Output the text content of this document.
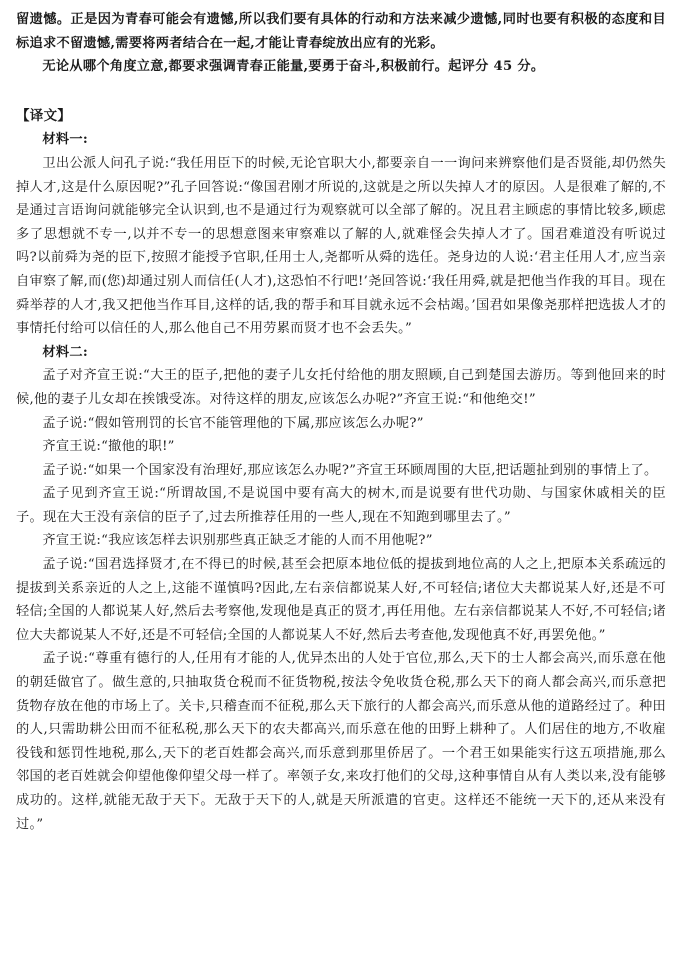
留遗憾。正是因为青春可能会有遗憾,所以我们要有具体的行动和方法来减少遗憾,同时也要有积极的态度和目标追求不留遗憾,需要将两者结合在一起,才能让青春绽放出应有的光彩。

无论从哪个角度立意,都要求强调青春正能量,要勇于奋斗,积极前行。起评分 45 分。

【译文】

材料一:

卫出公派人问孔子说:“我任用臣下的时候,无论官职大小,都要亲自一一询问来辨察他们是否贤能,却仍然失掉人才,这是什么原因呢?”孔子回答说:“像国君刚才所说的,这就是之所以失掉人才的原因。人是很难了解的,不是通过言语询问就能够完全认识到,也不是通过行为观察就可以全部了解的。况且君主顾虑的事情比较多,顾虑多了思想就不专一,以并不专一的思想意图来审察难以了解的人,就难怪会失掉人才了。国君难道没有听说过吗?以前舜为尧的臣下,按照才能授予官职,任用士人,尧都听从舜的选任。尧身边的人说:‘君主任用人才,应当亲自审察了解,而(您)却通过别人而信任(人才),这恐怕不行吧!’尧回答说:‘我任用舜,就是把他当作我的耳目。现在舜举荐的人才,我又把他当作耳目,这样的话,我的帮手和耳目就永远不会枯竭。’国君如果像尧那样把选拔人才的事情托付给可以信任的人,那么他自己不用劳累而贤才也不会丢失。”

材料二:

孟子对齐宣王说:“大王的臣子,把他的妻子儿女托付给他的朋友照顾,自己到楚国去游历。等到他回来的时候,他的妻子儿女却在挨饿受冻。对待这样的朋友,应该怎么办呢?”齐宣王说:“和他绝交!”

孟子说:“假如管刑罚的长官不能管理他的下属,那应该怎么办呢?”

齐宣王说:“撤他的职!”

孟子说:“如果一个国家没有治理好,那应该怎么办呢?”齐宣王环顾周围的大臣,把话题扯到别的事情上了。

孟子见到齐宣王说:“所谓故国,不是说国中要有高大的树木,而是说要有世代功勋、与国家休戚相关的臣子。现在大王没有亲信的臣子了,过去所推荐任用的一些人,现在不知跑到哪里去了。”

齐宣王说:“我应该怎样去识别那些真正缺乏才能的人而不用他呢?”

孟子说:“国君选择贤才,在不得已的时候,甚至会把原本地位低的提拔到地位高的人之上,把原本关系疏远的提拔到关系亲近的人之上,这能不谨慎吗?因此,左右亲信都说某人好,不可轻信;诸位大夫都说某人好,还是不可轻信;全国的人都说某人好,然后去考察他,发现他是真正的贤才,再任用他。左右亲信都说某人不好,不可轻信;诸位大夫都说某人不好,还是不可轻信;全国的人都说某人不好,然后去考查他,发现他真不好,再罢免他。”

孟子说:“尊重有德行的人,任用有才能的人,优异杰出的人处于官位,那么,天下的士人都会高兴,而乐意在他的朝廷做官了。做生意的,只抽取货仓税而不征货物税,按法令免收货仓税,那么天下的商人都会高兴,而乐意把货物存放在他的市场上了。关卡,只稽查而不征税,那么天下旅行的人都会高兴,而乐意从他的道路经过了。种田的人,只需助耕公田而不征私税,那么天下的农夫都高兴,而乐意在他的田野上耕种了。人们居住的地方,不收雇役钱和惩罚性地税,那么,天下的老百姓都会高兴,而乐意到那里侨居了。一个君王如果能实行这五项措施,那么邻国的老百姓就会仰望他像仰望父母一样了。率领子女,来攻打他们的父母,这种事情自从有人类以来,没有能够成功的。这样,就能无敌于天下。无敌于天下的人,就是天所派遣的官吏。这样还不能统一天下的,还从来没有过。”
